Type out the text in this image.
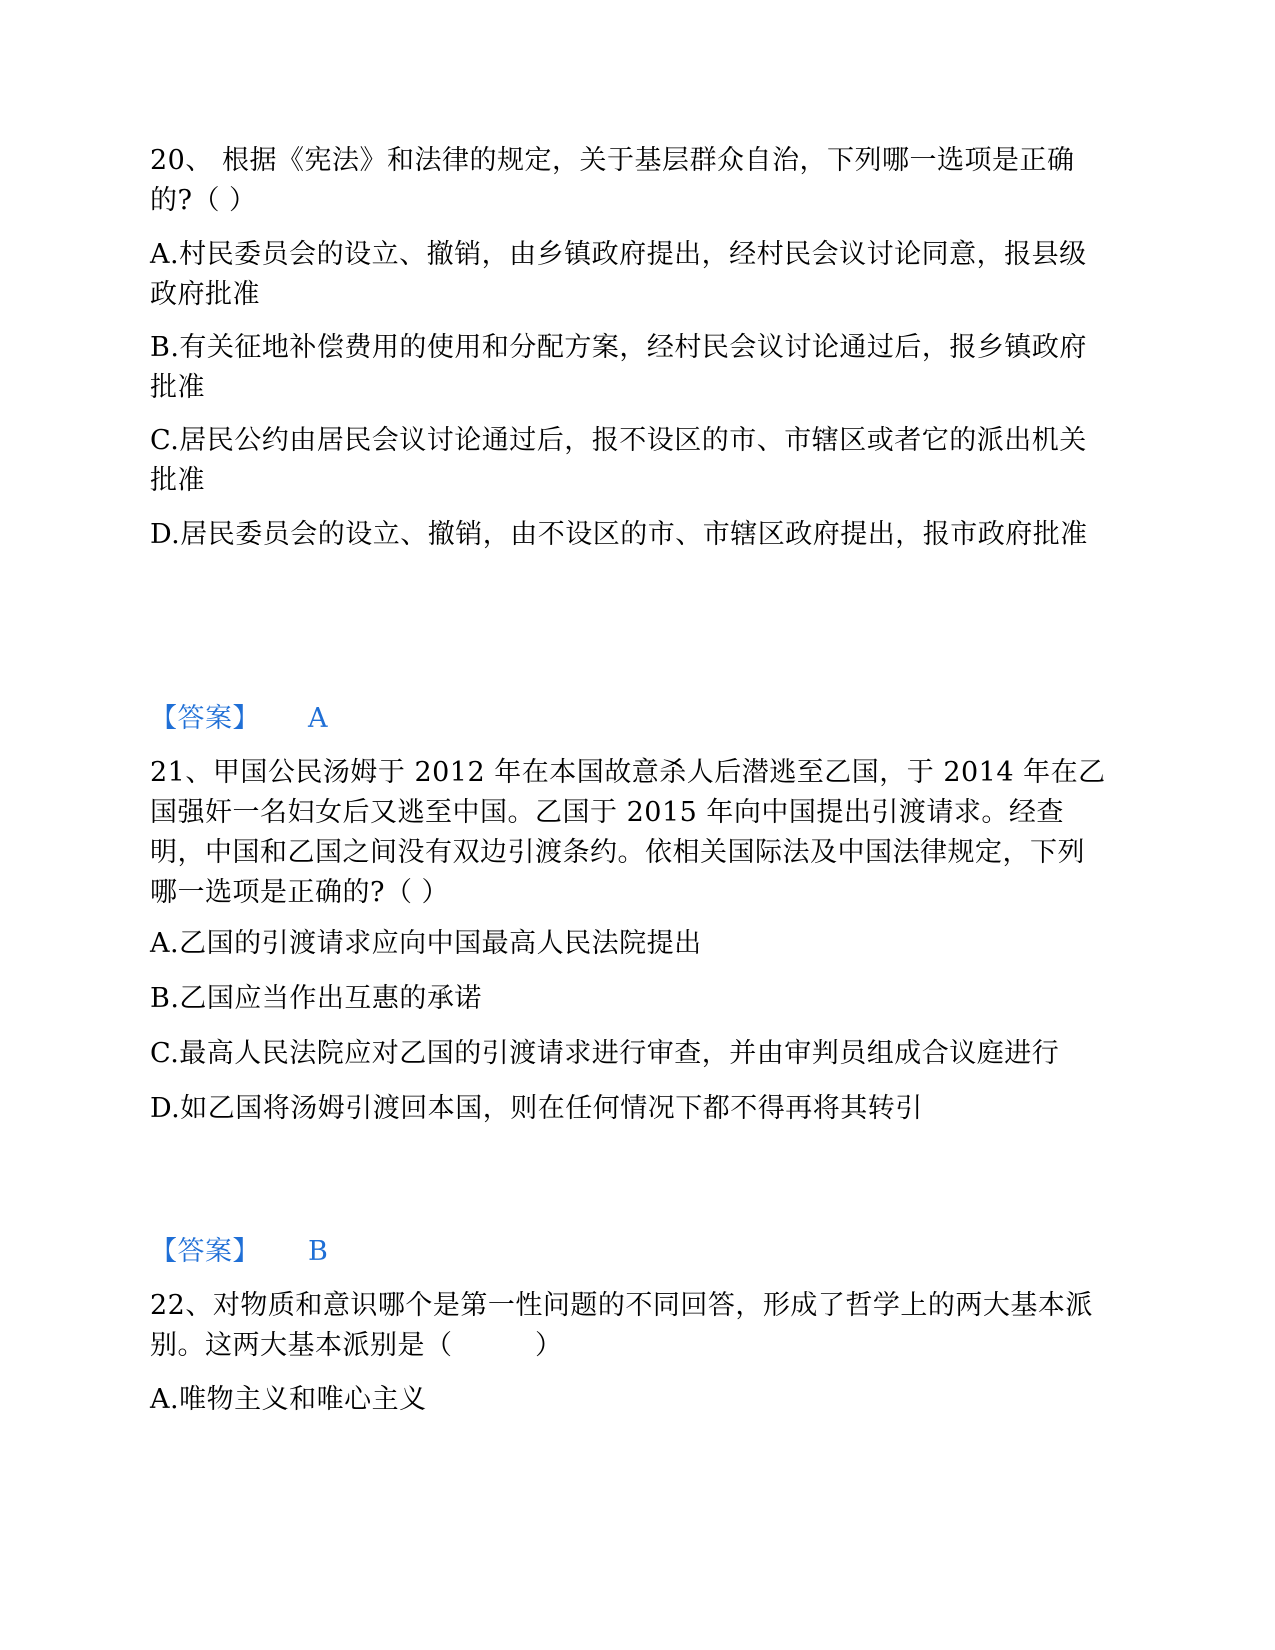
20、 根据《宪法》和法律的规定，关于基层群众自治，下列哪一选项是正确的?（ ）
A.村民委员会的设立、撤销，由乡镇政府提出，经村民会议讨论同意，报县级政府批准
B.有关征地补偿费用的使用和分配方案，经村民会议讨论通过后，报乡镇政府批准
C.居民公约由居民会议讨论通过后，报不设区的市、市辖区或者它的派出机关批准
D.居民委员会的设立、撤销，由不设区的市、市辖区政府提出，报市政府批准
【答案】 A
21、甲国公民汤姆于 2012 年在本国故意杀人后潜逃至乙国，于 2014 年在乙国强奸一名妇女后又逃至中国。乙国于 2015 年向中国提出引渡请求。经查明，中国和乙国之间没有双边引渡条约。依相关国际法及中国法律规定，下列哪一选项是正确的?（ ）
A.乙国的引渡请求应向中国最高人民法院提出
B.乙国应当作出互惠的承诺
C.最高人民法院应对乙国的引渡请求进行审查，并由审判员组成合议庭进行
D.如乙国将汤姆引渡回本国，则在任何情况下都不得再将其转引
【答案】 B
22、对物质和意识哪个是第一性问题的不同回答，形成了哲学上的两大基本派别。这两大基本派别是（　　　）
A.唯物主义和唯心主义
